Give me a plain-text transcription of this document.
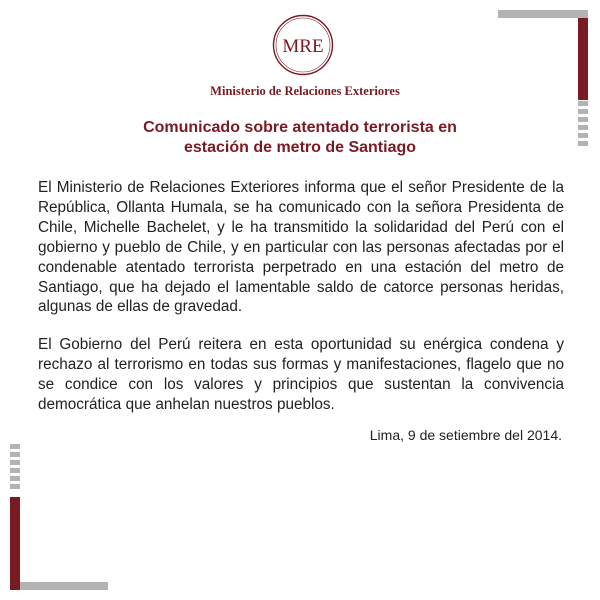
MRE
Ministerio de Relaciones Exteriores
Comunicado sobre atentado terrorista en
estación de metro de Santiago

El Ministerio de Relaciones Exteriores informa que el señor Presidente de la República, Ollanta Humala, se ha comunicado con la señora Presidenta de Chile, Michelle Bachelet, y le ha transmitido la solidaridad del Perú con el gobierno y pueblo de Chile, y en particular con las personas afectadas por el condenable atentado terrorista perpetrado en una estación del metro de Santiago, que ha dejado el lamentable saldo de catorce personas heridas, algunas de ellas de gravedad.

El Gobierno del Perú reitera en esta oportunidad su enérgica condena y rechazo al terrorismo en todas sus formas y manifestaciones, flagelo que no se condice con los valores y principios que sustentan la convivencia democrática que anhelan nuestros pueblos.

Lima, 9 de setiembre del 2014.
